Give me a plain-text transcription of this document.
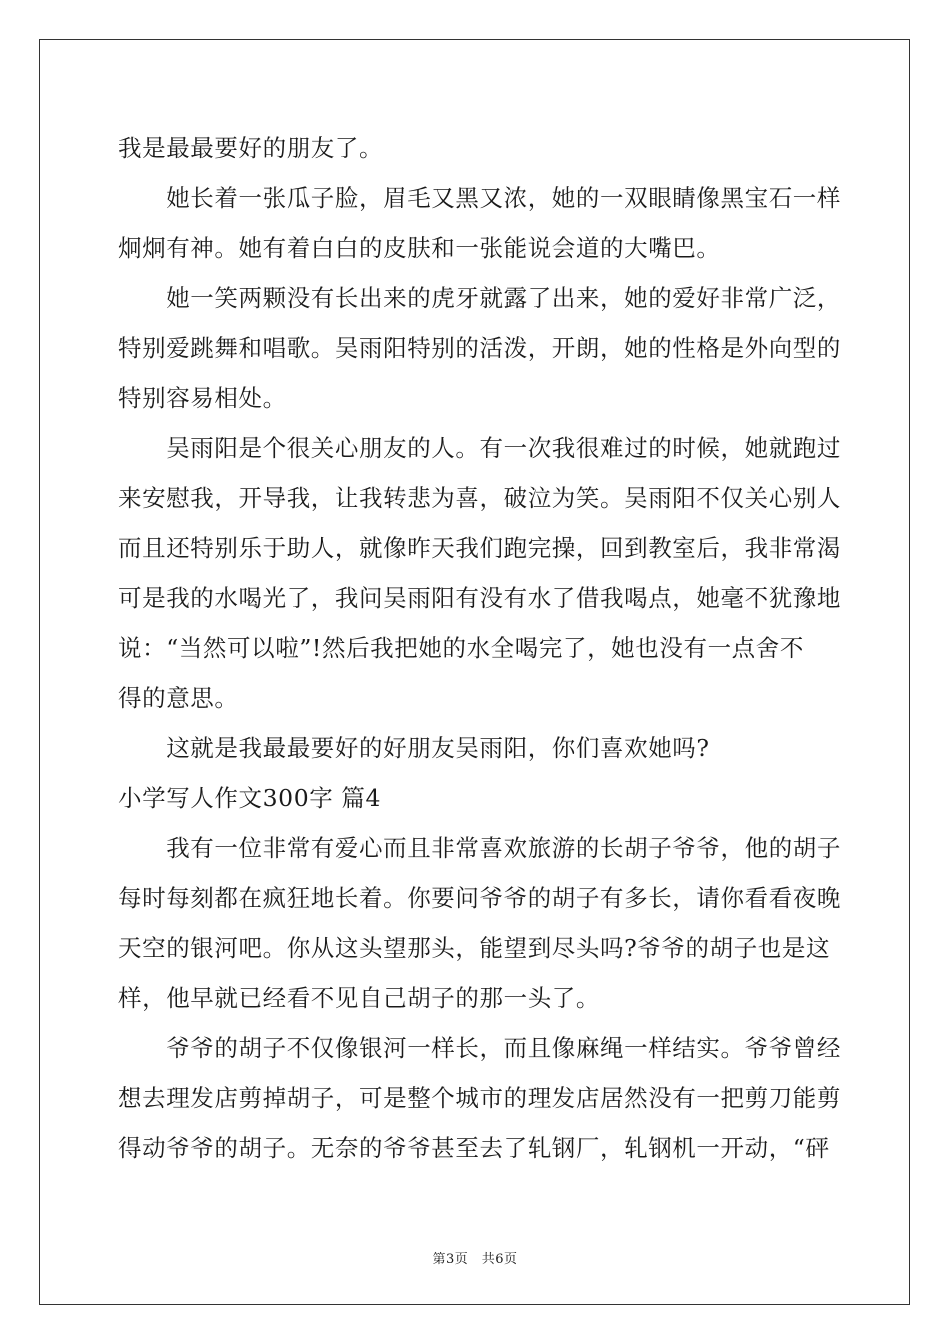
我是最最要好的朋友了。
　　她长着一张瓜子脸，眉毛又黑又浓，她的一双眼睛像黑宝石一样
炯炯有神。她有着白白的皮肤和一张能说会道的大嘴巴。
　　她一笑两颗没有长出来的虎牙就露了出来，她的爱好非常广泛，
特别爱跳舞和唱歌。吴雨阳特别的活泼，开朗，她的性格是外向型的
特别容易相处。
　　吴雨阳是个很关心朋友的人。有一次我很难过的时候，她就跑过
来安慰我，开导我，让我转悲为喜，破泣为笑。吴雨阳不仅关心别人
而且还特别乐于助人，就像昨天我们跑完操，回到教室后，我非常渴
可是我的水喝光了，我问吴雨阳有没有水了借我喝点，她毫不犹豫地
说：“当然可以啦”!然后我把她的水全喝完了，她也没有一点舍不
得的意思。
　　这就是我最最要好的好朋友吴雨阳，你们喜欢她吗?
小学写人作文300字 篇4
　　我有一位非常有爱心而且非常喜欢旅游的长胡子爷爷，他的胡子
每时每刻都在疯狂地长着。你要问爷爷的胡子有多长，请你看看夜晚
天空的银河吧。你从这头望那头，能望到尽头吗?爷爷的胡子也是这
样，他早就已经看不见自己胡子的那一头了。
　　爷爷的胡子不仅像银河一样长，而且像麻绳一样结实。爷爷曾经
想去理发店剪掉胡子，可是整个城市的理发店居然没有一把剪刀能剪
得动爷爷的胡子。无奈的爷爷甚至去了轧钢厂，轧钢机一开动，“砰
第3页　共6页
